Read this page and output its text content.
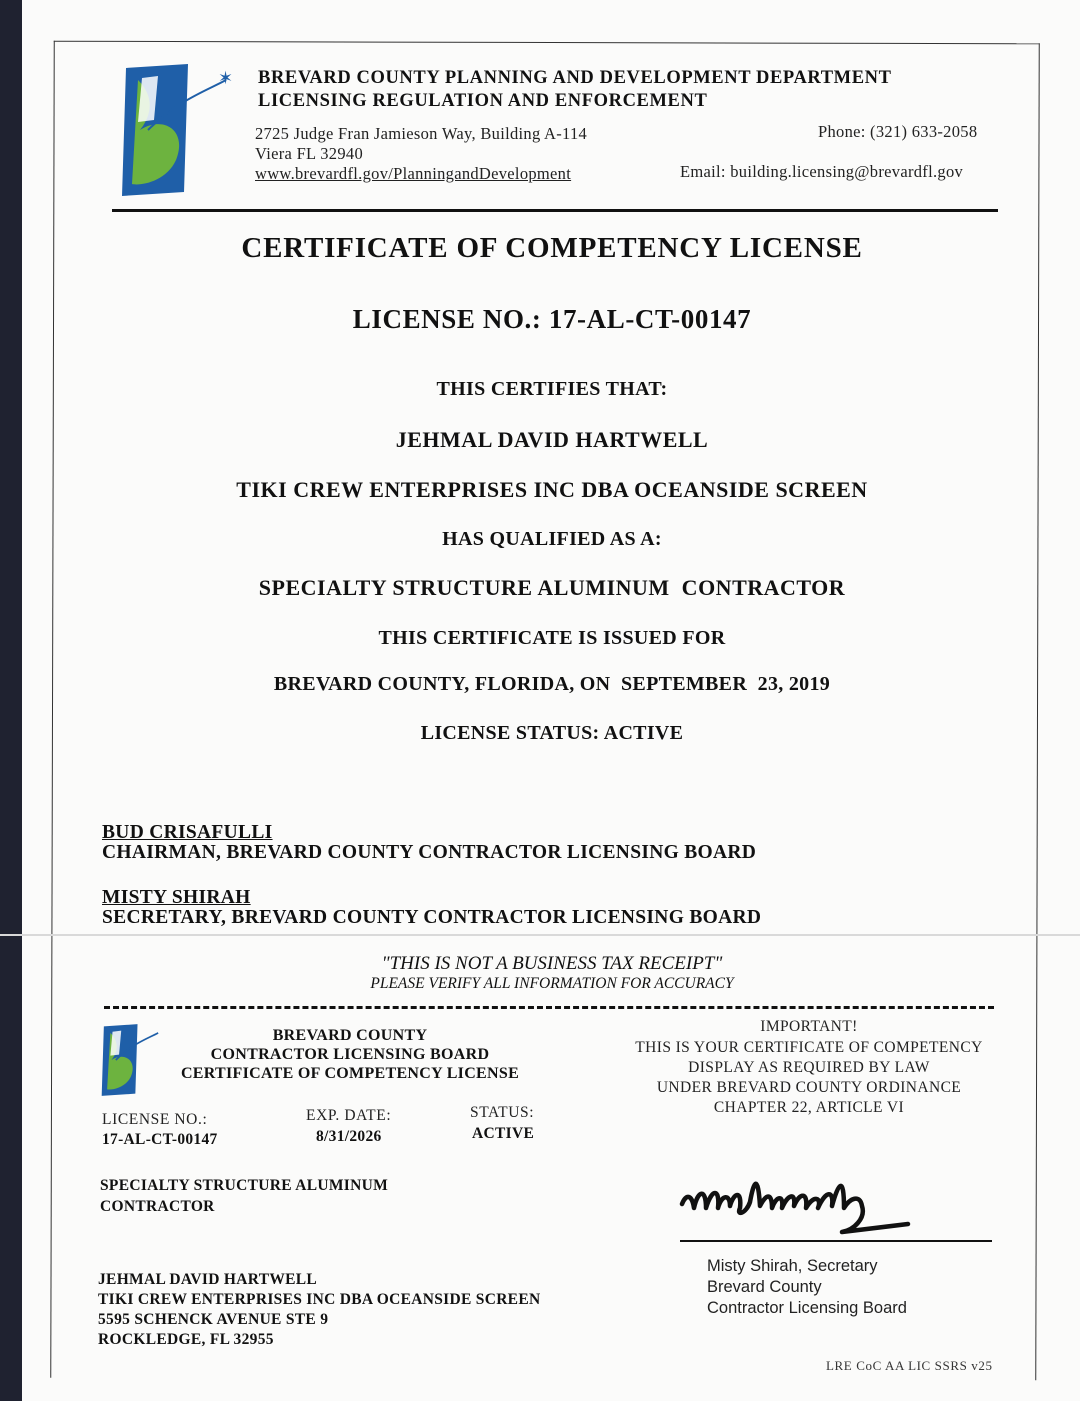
✶ BREVARD COUNTY PLANNING AND DEVELOPMENT DEPARTMENT
LICENSING REGULATION AND ENFORCEMENT
2725 Judge Fran Jamieson Way, Building A-114
Viera FL 32940
www.brevardfl.gov/PlanningandDevelopment
Phone: (321) 633-2058
Email: building.licensing@brevardfl.gov
CERTIFICATE OF COMPETENCY LICENSE
LICENSE NO.: 17-AL-CT-00147
THIS CERTIFIES THAT:
JEHMAL DAVID HARTWELL
TIKI CREW ENTERPRISES INC DBA OCEANSIDE SCREEN
HAS QUALIFIED AS A:
SPECIALTY STRUCTURE ALUMINUM  CONTRACTOR
THIS CERTIFICATE IS ISSUED FOR
BREVARD COUNTY, FLORIDA, ON  SEPTEMBER  23, 2019
LICENSE STATUS: ACTIVE
BUD CRISAFULLI
CHAIRMAN, BREVARD COUNTY CONTRACTOR LICENSING BOARD
MISTY SHIRAH
SECRETARY, BREVARD COUNTY CONTRACTOR LICENSING BOARD
"THIS IS NOT A BUSINESS TAX RECEIPT"
PLEASE VERIFY ALL INFORMATION FOR ACCURACY
BREVARD COUNTY
CONTRACTOR LICENSING BOARD
CERTIFICATE OF COMPETENCY LICENSE
LICENSE NO.:
17-AL-CT-00147
EXP. DATE:
8/31/2026
STATUS:
ACTIVE
SPECIALTY STRUCTURE ALUMINUM
CONTRACTOR
JEHMAL DAVID HARTWELL
TIKI CREW ENTERPRISES INC DBA OCEANSIDE SCREEN
5595 SCHENCK AVENUE STE 9
ROCKLEDGE, FL 32955
IMPORTANT!
THIS IS YOUR CERTIFICATE OF COMPETENCY
DISPLAY AS REQUIRED BY LAW
UNDER BREVARD COUNTY ORDINANCE
CHAPTER 22, ARTICLE VI
Misty Shirah, Secretary
Brevard County
Contractor Licensing Board
LRE CoC AA LIC SSRS v25
